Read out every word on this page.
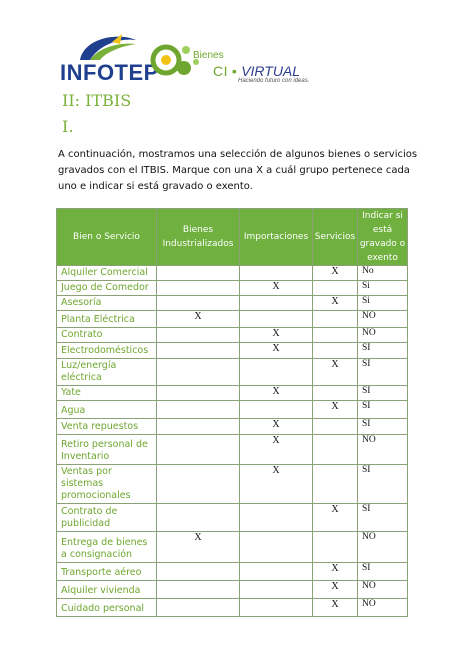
INFOTEP
Bienes
CI • VIRTUAL
Haciendo futuro con ideas.
II: ITBIS
I.
A continuación, mostramos una selección de algunos bienes o servicios gravados con el ITBIS. Marque con una X a cuál grupo pertenece cada uno e indicar si está gravado o exento.
Bien o Servicio	Bienes Industrializados	Importaciones	Servicios	Indicar si está gravado o exento
Alquiler Comercial			X	No
Juego de Comedor		X		Si
Asesoría			X	Si
Planta Eléctrica	X			NO
Contrato		X		NO
Electrodomésticos		X		SI
Luz/energía eléctrica			X	SI
Yate		X		SI
Agua			X	SI
Venta repuestos		X		SI
Retiro personal de Inventario		X		NO
Ventas por sistemas promocionales		X		SI
Contrato de publicidad			X	SI
Entrega de bienes a consignación	X			NO
Transporte aéreo			X	SI
Alquiler vivienda			X	NO
Cuidado personal			X	NO
